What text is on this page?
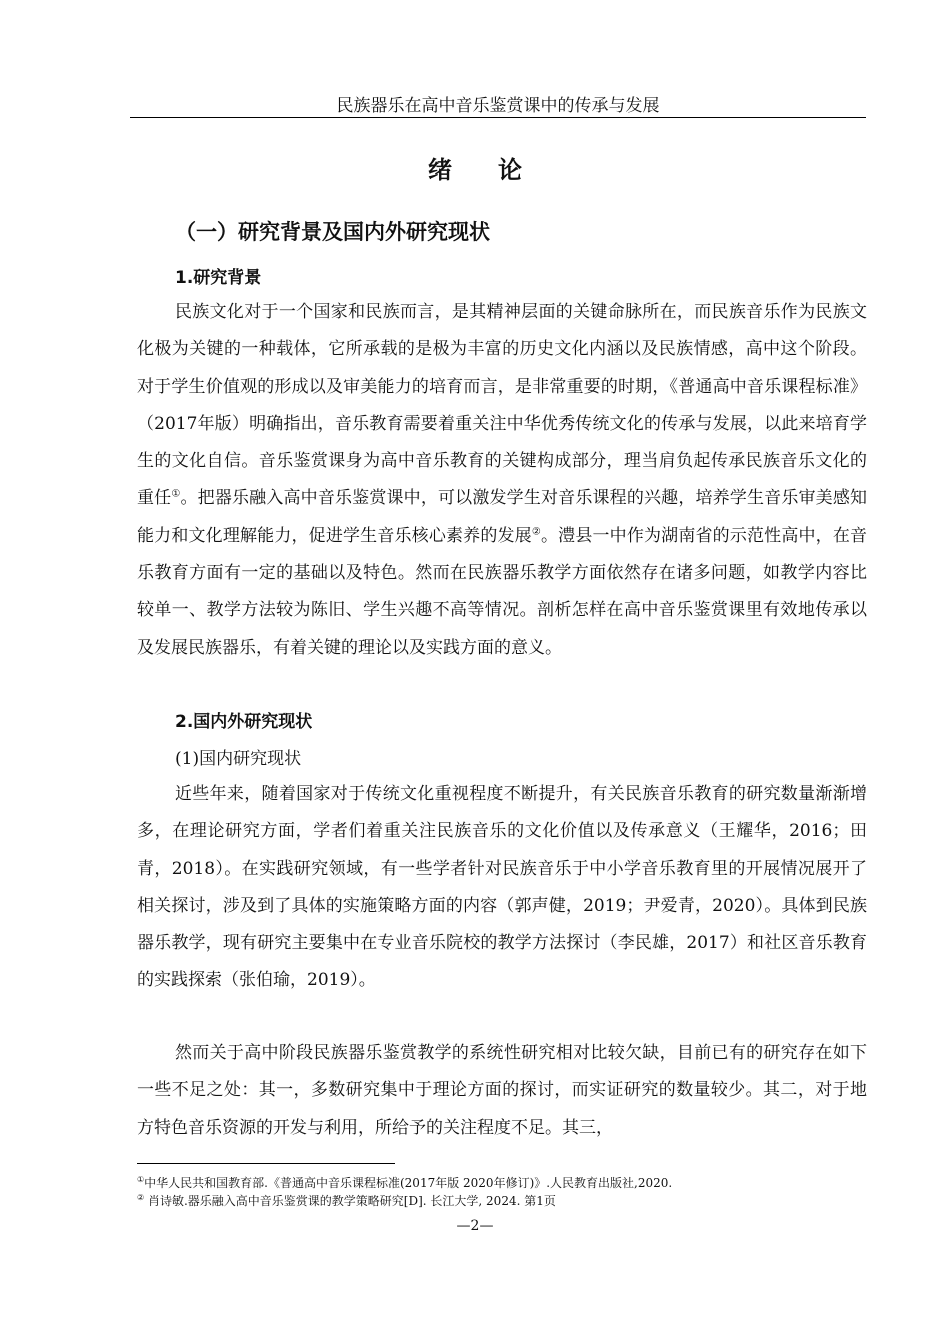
民族器乐在高中音乐鉴赏课中的传承与发展
绪论
（一）研究背景及国内外研究现状
1.研究背景

民族文化对于一个国家和民族而言，是其精神层面的关键命脉所在，而民族音乐作为民族文化极为关键的一种载体，它所承载的是极为丰富的历史文化内涵以及民族情感，高中这个阶段。对于学生价值观的形成以及审美能力的培育而言，是非常重要的时期，《普通高中音乐课程标准》（2017年版）明确指出，音乐教育需要着重关注中华优秀传统文化的传承与发展，以此来培育学生的文化自信。音乐鉴赏课身为高中音乐教育的关键构成部分，理当肩负起传承民族音乐文化的重任①。把器乐融入高中音乐鉴赏课中，可以激发学生对音乐课程的兴趣，培养学生音乐审美感知能力和文化理解能力，促进学生音乐核心素养的发展②。澧县一中作为湖南省的示范性高中，在音乐教育方面有一定的基础以及特色。然而在民族器乐教学方面依然存在诸多问题，如教学内容比较单一、教学方法较为陈旧、学生兴趣不高等情况。剖析怎样在高中音乐鉴赏课里有效地传承以及发展民族器乐，有着关键的理论以及实践方面的意义。

2.国内外研究现状
(1)国内研究现状

近些年来，随着国家对于传统文化重视程度不断提升，有关民族音乐教育的研究数量渐渐增多，在理论研究方面，学者们着重关注民族音乐的文化价值以及传承意义（王耀华，2016；田青，2018）。在实践研究领域，有一些学者针对民族音乐于中小学音乐教育里的开展情况展开了相关探讨，涉及到了具体的实施策略方面的内容（郭声健，2019；尹爱青，2020）。具体到民族器乐教学，现有研究主要集中在专业音乐院校的教学方法探讨（李民雄，2017）和社区音乐教育的实践探索（张伯瑜，2019）。

然而关于高中阶段民族器乐鉴赏教学的系统性研究相对比较欠缺，目前已有的研究存在如下一些不足之处：其一，多数研究集中于理论方面的探讨，而实证研究的数量较少。其二，对于地方特色音乐资源的开发与利用，所给予的关注程度不足。其三，

①中华人民共和国教育部.《普通高中音乐课程标准(2017年版 2020年修订)》.人民教育出版社,2020.
② 肖诗敏.器乐融入高中音乐鉴赏课的教学策略研究[D]. 长江大学, 2024. 第1页
—2—
